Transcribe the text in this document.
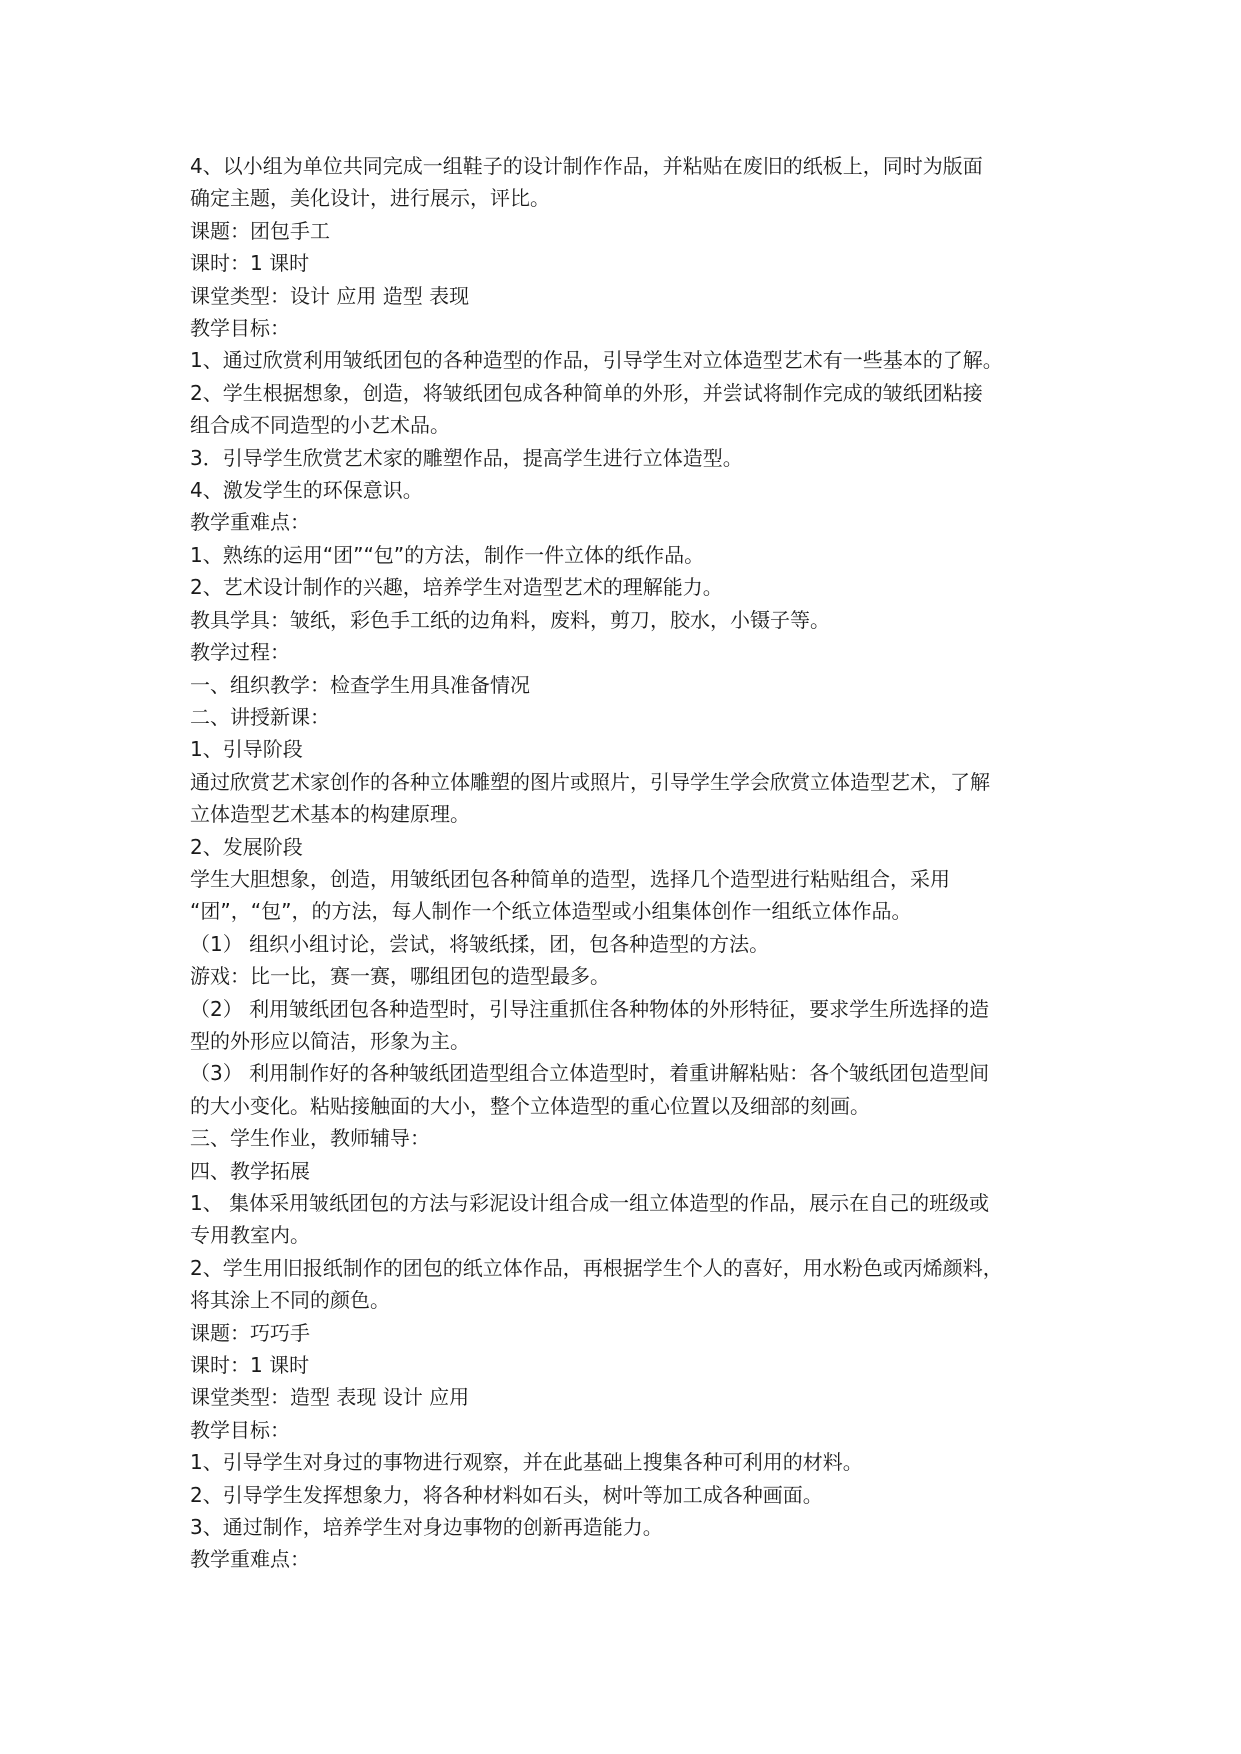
4、以小组为单位共同完成一组鞋子的设计制作作品，并粘贴在废旧的纸板上，同时为版面
确定主题，美化设计，进行展示，评比。
课题：团包手工
课时：1 课时
课堂类型：设计 应用 造型 表现
教学目标：
1、通过欣赏利用皱纸团包的各种造型的作品，引导学生对立体造型艺术有一些基本的了解。
2、学生根据想象，创造，将皱纸团包成各种简单的外形，并尝试将制作完成的皱纸团粘接
组合成不同造型的小艺术品。
3．引导学生欣赏艺术家的雕塑作品，提高学生进行立体造型。
4、激发学生的环保意识。
教学重难点：
1、熟练的运用“团”“包”的方法，制作一件立体的纸作品。
2、艺术设计制作的兴趣，培养学生对造型艺术的理解能力。
教具学具：皱纸，彩色手工纸的边角料，废料，剪刀，胶水，小镊子等。
教学过程：
一、组织教学：检查学生用具准备情况
二、讲授新课：
1、引导阶段
通过欣赏艺术家创作的各种立体雕塑的图片或照片，引导学生学会欣赏立体造型艺术，了解
立体造型艺术基本的构建原理。
2、发展阶段
学生大胆想象，创造，用皱纸团包各种简单的造型，选择几个造型进行粘贴组合，采用
“团”，“包”，的方法，每人制作一个纸立体造型或小组集体创作一组纸立体作品。
（1） 组织小组讨论，尝试，将皱纸揉，团，包各种造型的方法。
游戏：比一比，赛一赛，哪组团包的造型最多。
（2） 利用皱纸团包各种造型时，引导注重抓住各种物体的外形特征，要求学生所选择的造
型的外形应以简洁，形象为主。
（3） 利用制作好的各种皱纸团造型组合立体造型时，着重讲解粘贴：各个皱纸团包造型间
的大小变化。粘贴接触面的大小，整个立体造型的重心位置以及细部的刻画。
三、学生作业，教师辅导：
四、教学拓展
1、 集体采用皱纸团包的方法与彩泥设计组合成一组立体造型的作品，展示在自己的班级或
专用教室内。
2、学生用旧报纸制作的团包的纸立体作品，再根据学生个人的喜好，用水粉色或丙烯颜料，
将其涂上不同的颜色。
课题：巧巧手
课时：1 课时
课堂类型：造型 表现 设计 应用
教学目标：
1、引导学生对身过的事物进行观察，并在此基础上搜集各种可利用的材料。
2、引导学生发挥想象力，将各种材料如石头，树叶等加工成各种画面。
3、通过制作，培养学生对身边事物的创新再造能力。
教学重难点：
